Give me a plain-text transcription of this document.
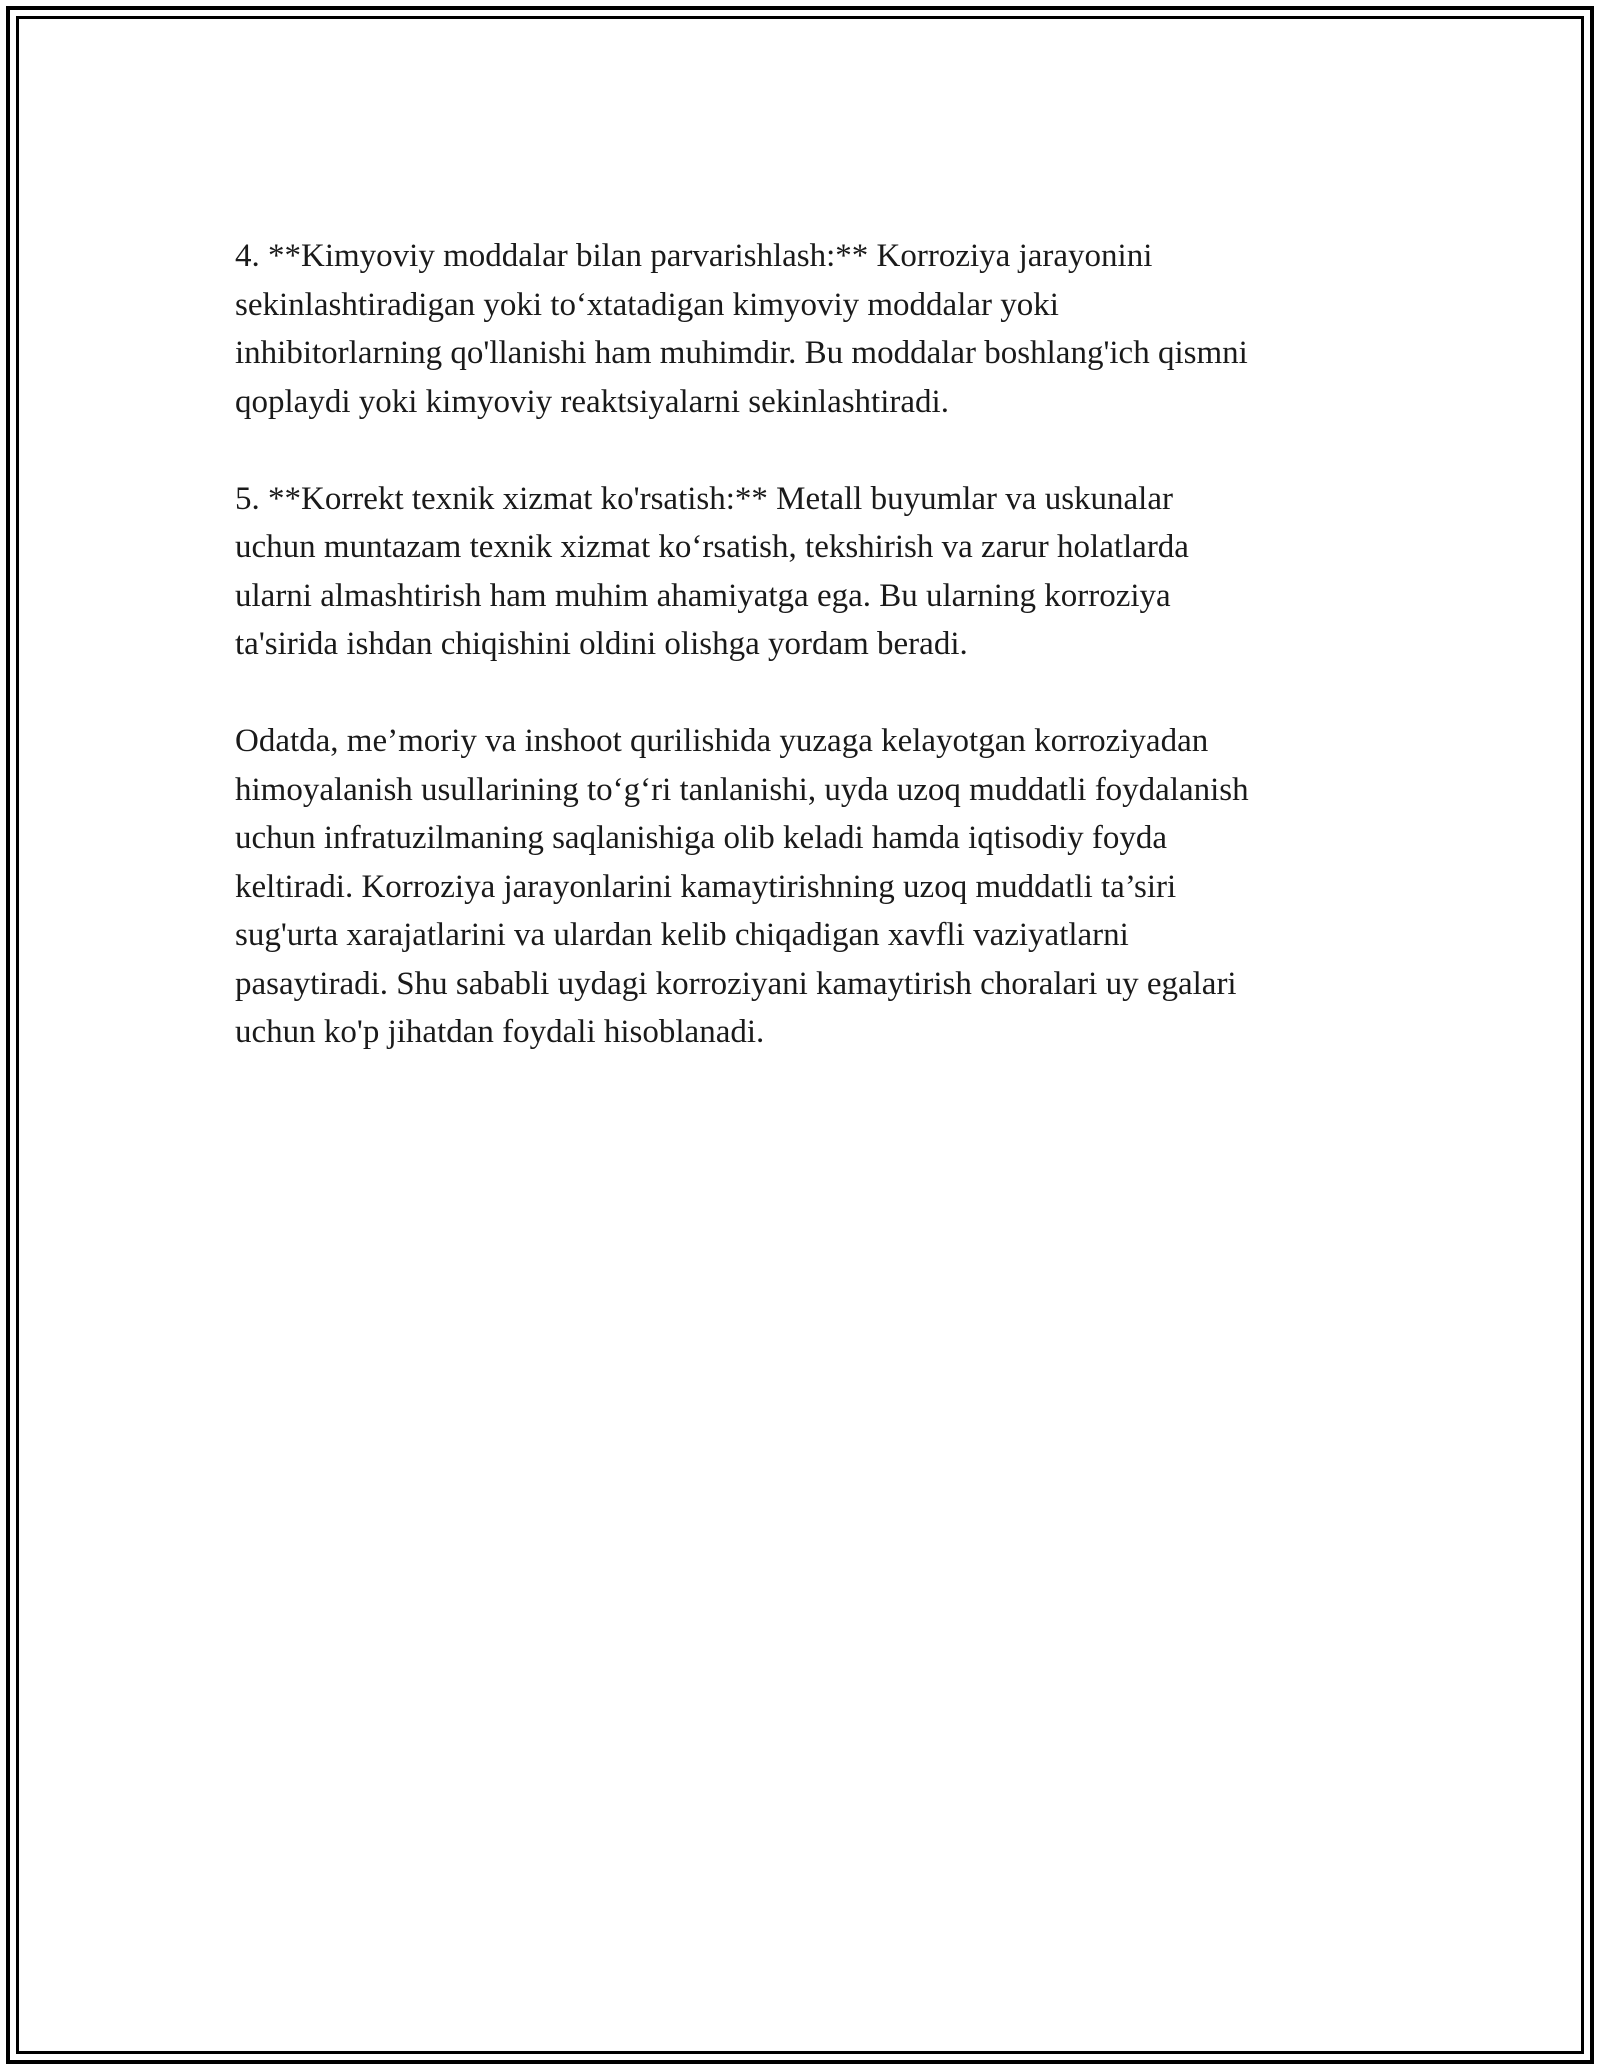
4. **Kimyoviy moddalar bilan parvarishlash:** Korroziya jarayonini
sekinlashtiradigan yoki to‘xtatadigan kimyoviy moddalar yoki
inhibitorlarning qo'llanishi ham muhimdir. Bu moddalar boshlang'ich qismni
qoplaydi yoki kimyoviy reaktsiyalarni sekinlashtiradi.

5. **Korrekt texnik xizmat ko'rsatish:** Metall buyumlar va uskunalar
uchun muntazam texnik xizmat ko‘rsatish, tekshirish va zarur holatlarda
ularni almashtirish ham muhim ahamiyatga ega. Bu ularning korroziya
ta'sirida ishdan chiqishini oldini olishga yordam beradi.

Odatda, me’moriy va inshoot qurilishida yuzaga kelayotgan korroziyadan
himoyalanish usullarining to‘g‘ri tanlanishi, uyda uzoq muddatli foydalanish
uchun infratuzilmaning saqlanishiga olib keladi hamda iqtisodiy foyda
keltiradi. Korroziya jarayonlarini kamaytirishning uzoq muddatli ta’siri
sug'urta xarajatlarini va ulardan kelib chiqadigan xavfli vaziyatlarni
pasaytiradi. Shu sababli uydagi korroziyani kamaytirish choralari uy egalari
uchun ko'p jihatdan foydali hisoblanadi.
